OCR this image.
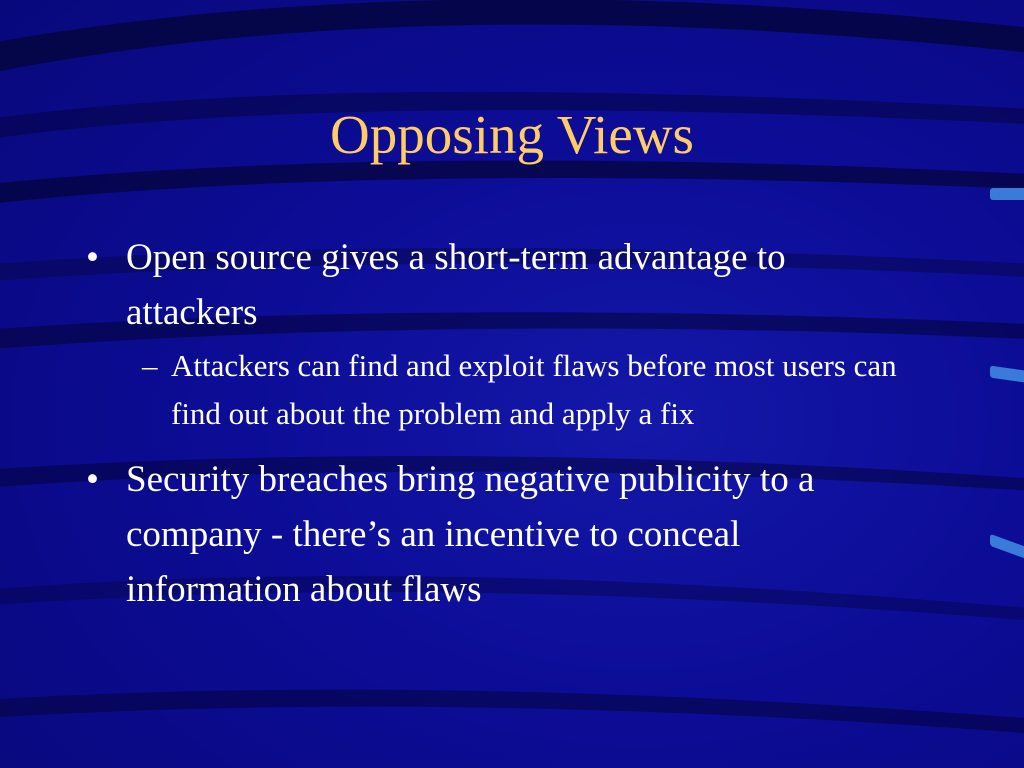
Opposing Views
• Open source gives a short-term advantage to attackers
– Attackers can find and exploit flaws before most users can find out about the problem and apply a fix
• Security breaches bring negative publicity to a company - there’s an incentive to conceal information about flaws
